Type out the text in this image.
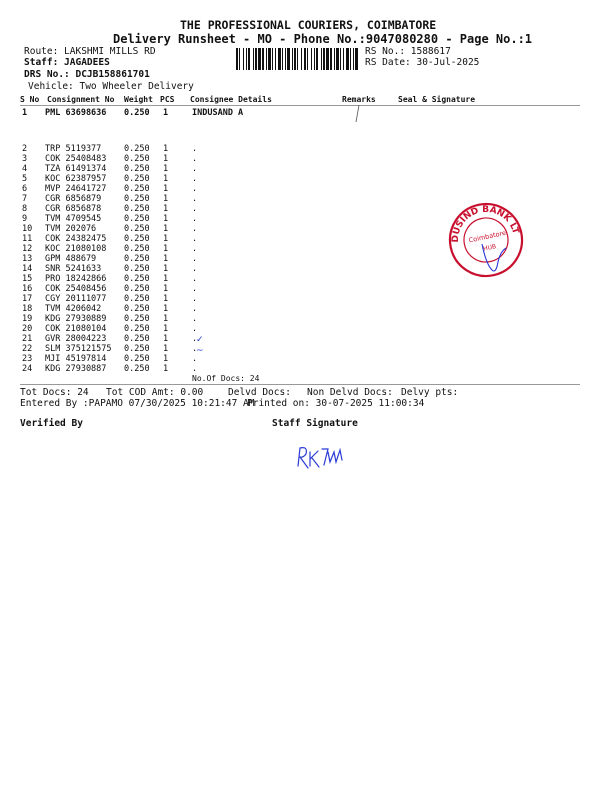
THE PROFESSIONAL COURIERS, COIMBATORE
Delivery Runsheet - MO - Phone No.:9047080280 - Page No.:1
Route: LAKSHMI MILLS RD
Staff: JAGADEES
DRS No.: DCJB158861701
Vehicle: Two Wheeler Delivery
RS No.: 1588617
RS Date: 30-Jul-2025
S No Consignment No Weight PCS Consignee Details	Remarks	Seal & Signature
1 PML 63698636 0.250 1	INDUSAND A
2 TRP 5119377	0.250 1	.
3 COK 25408483 0.250 1	.
4 TZA 61491374 0.250 1	.
5 KOC 62387957 0.250 1	.
6 MVP 24641727 0.250 1	.
7 CGR 6856879	0.250 1	.
8 CGR 6856878	0.250 1	.
9 TVM 4709545	0.250 1	.
10 TVM 202076	0.250 1	.
11 COK 24382475 0.250 1	.
12 KOC 21080108 0.250 1	.
13 GPM 488679	0.250 1	.
14 SNR 5241633	0.250 1	.
15 PRO 18242866 0.250 1	.
16 COK 25408456 0.250 1	.
17 CGY 20111077 0.250 1	.
18 TVM 4206042	0.250 1	.
19 KDG 27930889 0.250 1	.
20 COK 21080104 0.250 1	.
21 GVR 28004223 0.250 1	.
22 SLM 375121575 0.250 1	.
23 MJI 45197814 0.250 1	.
24 KDG 27930887 0.250 1	.
✓
~
No.Of Docs: 24
Tot Docs: 24 Tot COD Amt: 0.00	Delvd Docs: Non Delvd Docs: Delvy pts:
Entered By :PAPAMO 07/30/2025 10:21:47 AM
Printed on: 30-07-2025 11:00:34
Verified By	Staff Signature
INDUSIND BANK LTD
Coimbatore
HUB
